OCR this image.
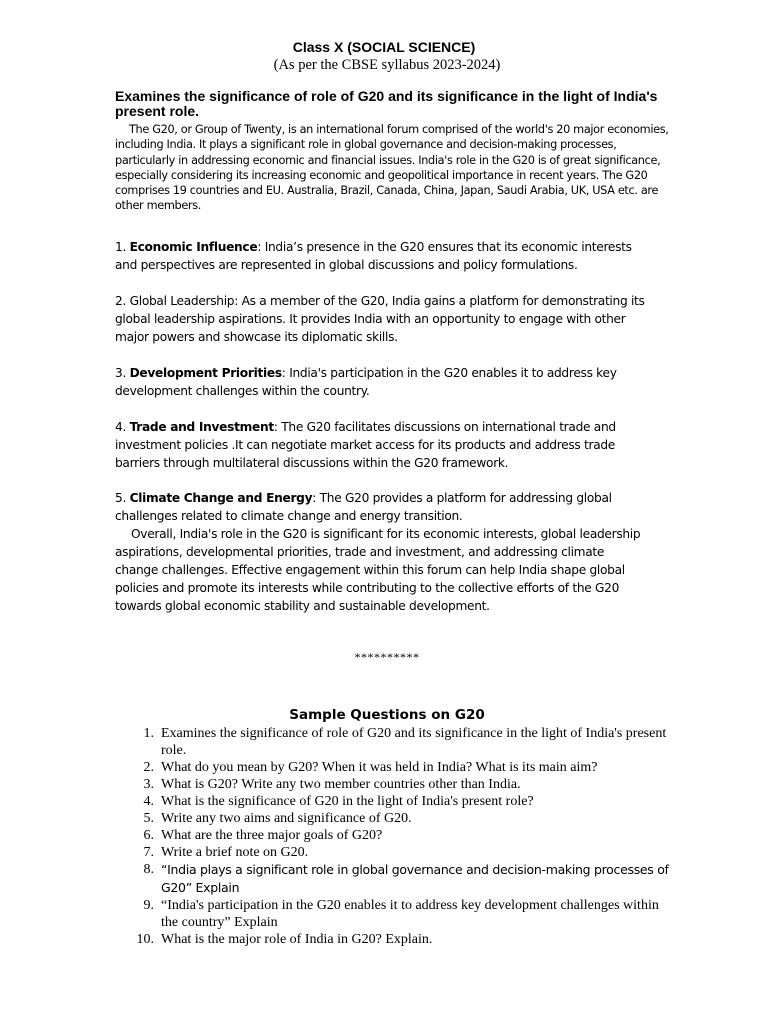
Class X (SOCIAL SCIENCE)
(As per the CBSE syllabus 2023-2024)
Examines the significance of role of G20 and its significance in the light of India's present role.
The G20, or Group of Twenty, is an international forum comprised of the world's 20 major economies, including India. It plays a significant role in global governance and decision-making processes, particularly in addressing economic and financial issues. India's role in the G20 is of great significance, especially considering its increasing economic and geopolitical importance in recent years. The G20 comprises 19 countries and EU. Australia, Brazil, Canada, China, Japan, Saudi Arabia, UK, USA etc. are other members.
1. Economic Influence: India’s presence in the G20 ensures that its economic interests and perspectives are represented in global discussions and policy formulations.
2. Global Leadership: As a member of the G20, India gains a platform for demonstrating its global leadership aspirations. It provides India with an opportunity to engage with other major powers and showcase its diplomatic skills.
3. Development Priorities: India's participation in the G20 enables it to address key development challenges within the country.
4. Trade and Investment: The G20 facilitates discussions on international trade and investment policies .It can negotiate market access for its products and address trade barriers through multilateral discussions within the G20 framework.
5. Climate Change and Energy: The G20 provides a platform for addressing global challenges related to climate change and energy transition.
Overall, India's role in the G20 is significant for its economic interests, global leadership aspirations, developmental priorities, trade and investment, and addressing climate change challenges. Effective engagement within this forum can help India shape global policies and promote its interests while contributing to the collective efforts of the G20 towards global economic stability and sustainable development.
**********
Sample Questions on G20
1. Examines the significance of role of G20 and its significance in the light of India's present role.
2. What do you mean by G20? When it was held in India? What is its main aim?
3. What is G20? Write any two member countries other than India.
4. What is the significance of G20 in the light of India's present role?
5. Write any two aims and significance of G20.
6. What are the three major goals of G20?
7. Write a brief note on G20.
8. “India plays a significant role in global governance and decision-making processes of G20” Explain
9. “India's participation in the G20 enables it to address key development challenges within the country” Explain
10. What is the major role of India in G20? Explain.
